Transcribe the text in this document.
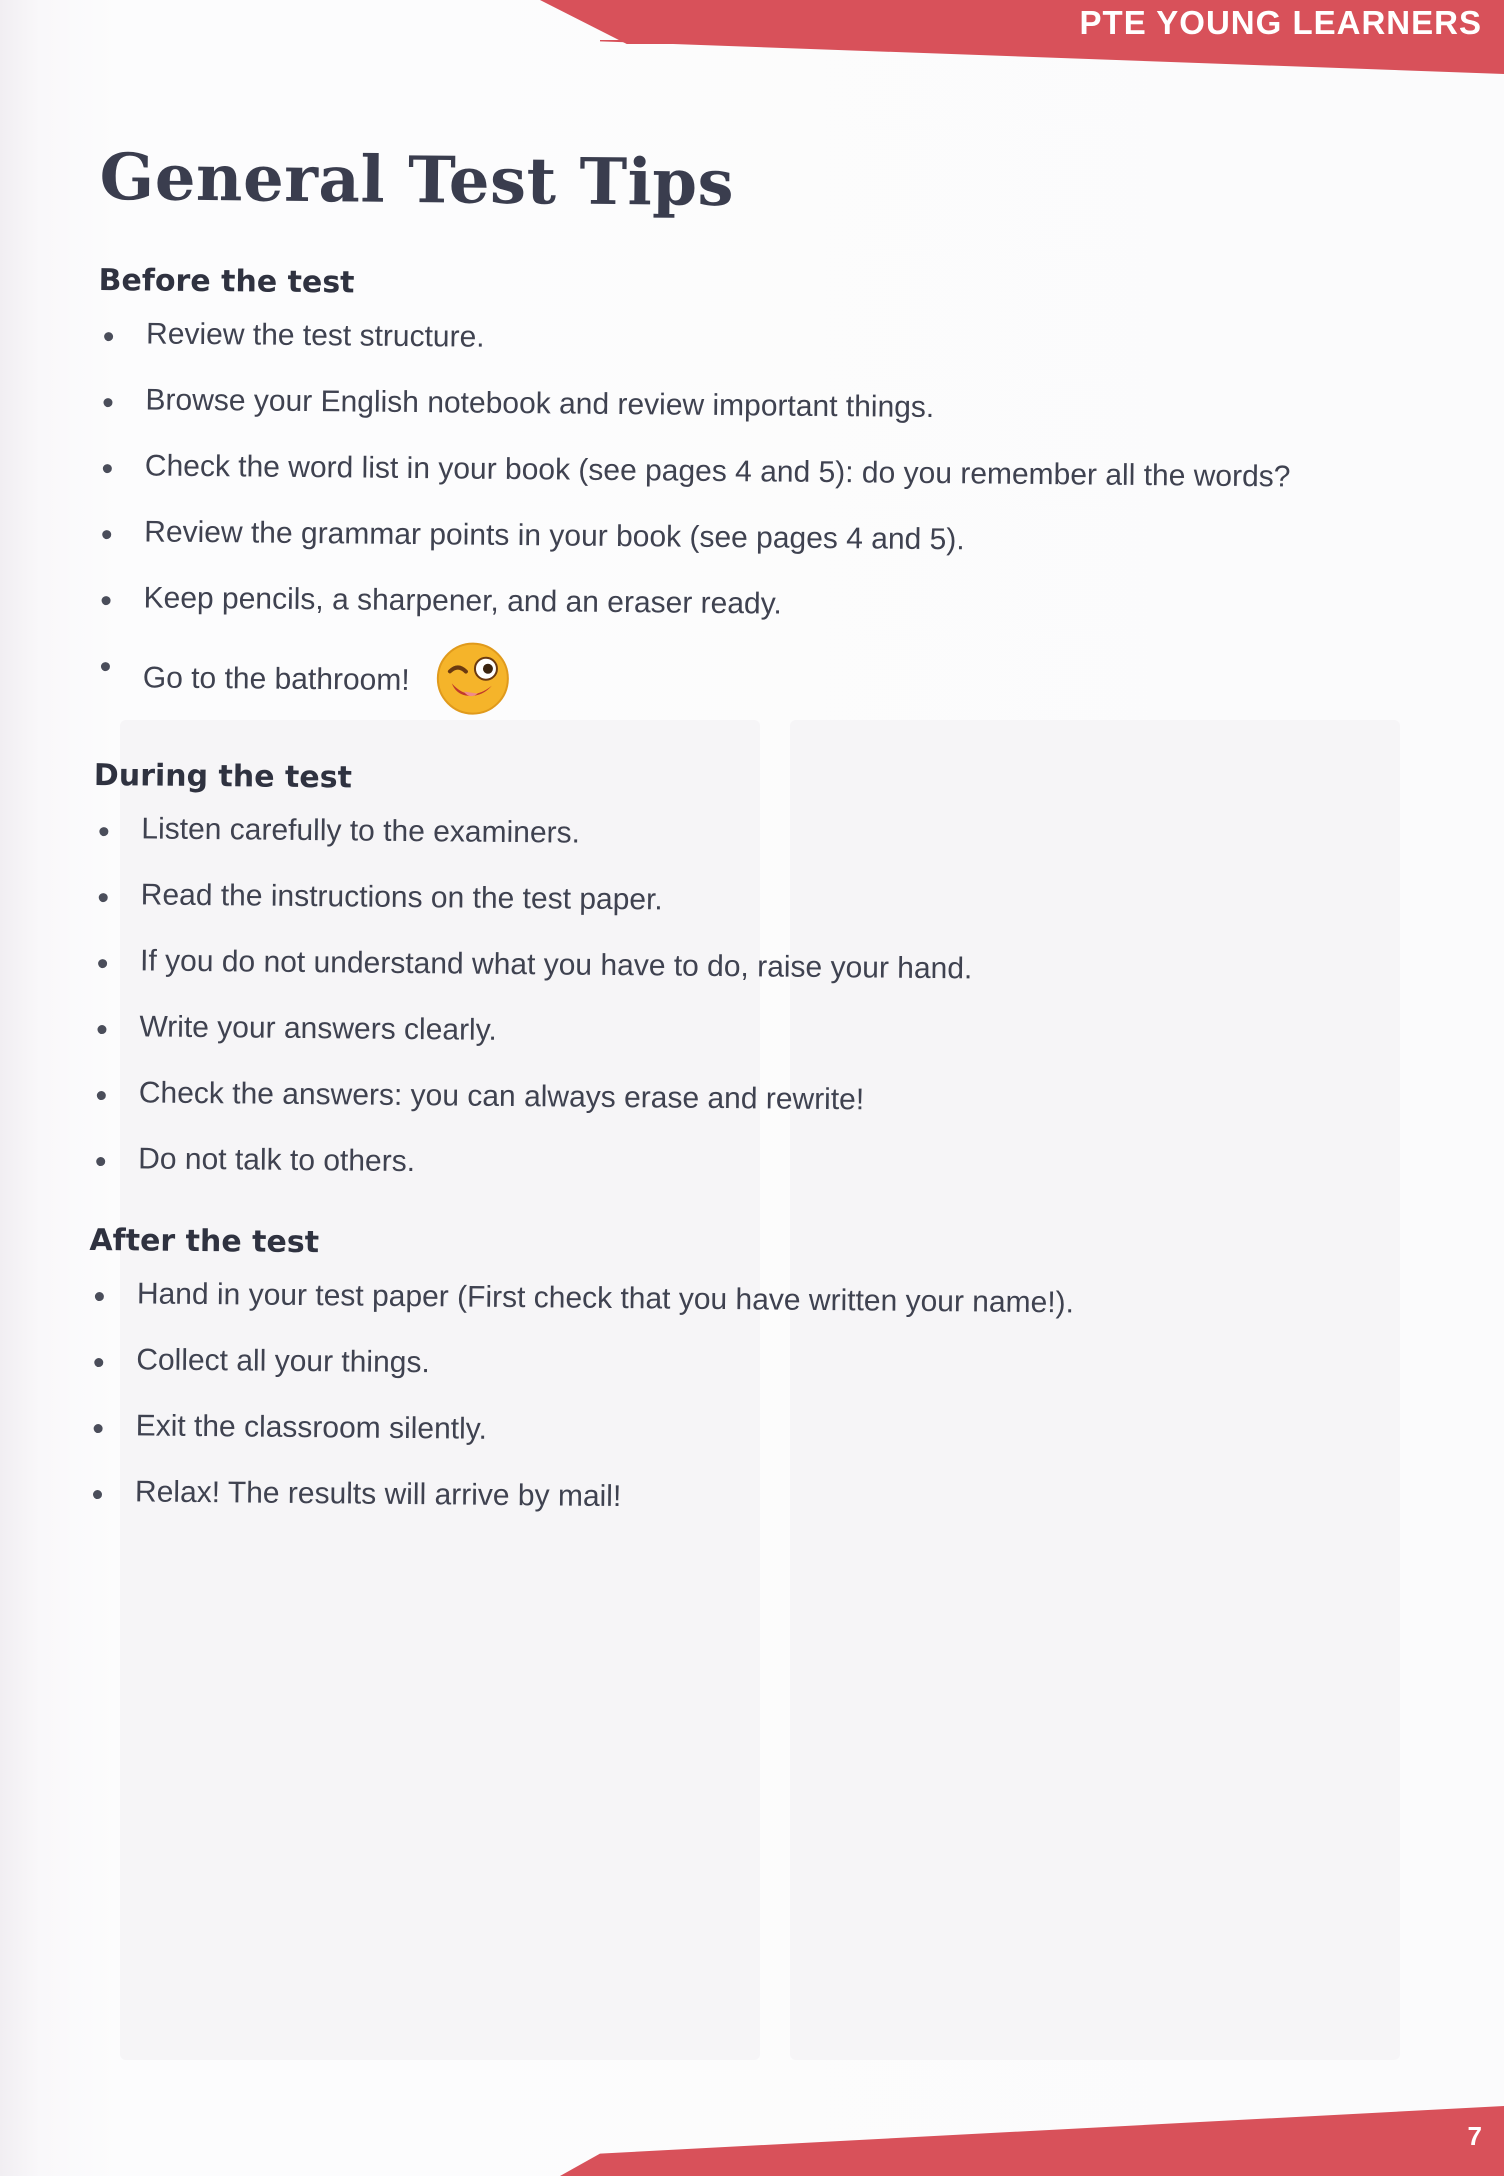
PTE YOUNG LEARNERS
7
General Test Tips
Before the test
Review the test structure.
Browse your English notebook and review important things.
Check the word list in your book (see pages 4 and 5): do you remember all the words?
Review the grammar points in your book (see pages 4 and 5).
Keep pencils, a sharpener, and an eraser ready.
Go to the bathroom!
During the test
Listen carefully to the examiners.
Read the instructions on the test paper.
If you do not understand what you have to do, raise your hand.
Write your answers clearly.
Check the answers: you can always erase and rewrite!
Do not talk to others.
After the test
Hand in your test paper (First check that you have written your name!).
Collect all your things.
Exit the classroom silently.
Relax! The results will arrive by mail!
